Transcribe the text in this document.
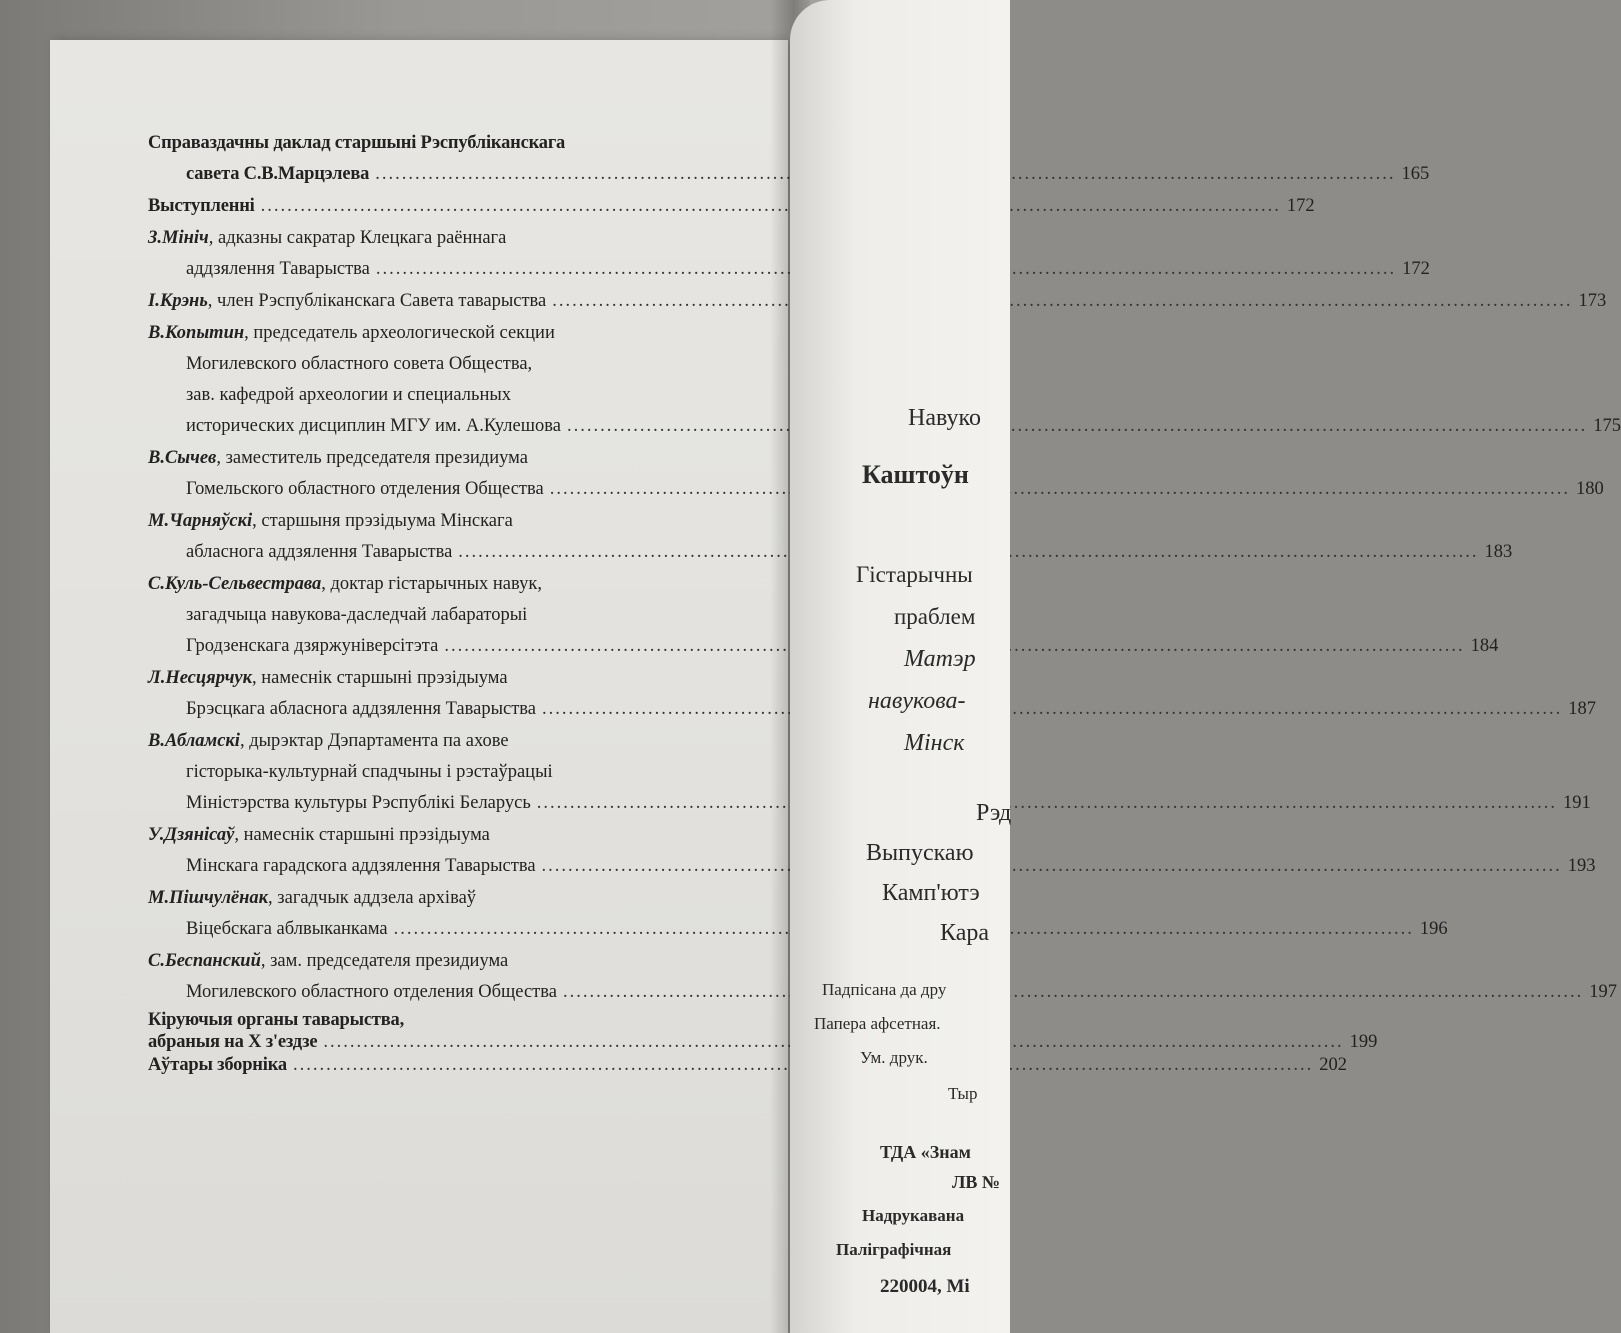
Справаздачны даклад старшыні Рэспубліканскага
савета С.В.Марцэлева .....	165
Выступленні .....	172
З.Мініч, адказны сакратар Клецкага раённага
аддзялення Таварыства .....	172
І.Крэнь, член Рэспубліканскага Савета таварыства .....	173
В.Копытин, председатель археологической секции
Могилевского областного совета Общества,
зав. кафедрой археологии и специальных
исторических дисциплин МГУ им. А.Кулешова .....	175
В.Сычев, заместитель председателя президиума
Гомельского областного отделения Общества .....	180
М.Чарняўскі, старшыня прэзідыума Мінскага
абласнога аддзялення Таварыства .....	183
С.Куль-Сельвестрава, доктар гістарычных навук,
загадчыца навукова-даследчай лабараторыі
Гродзенскага дзяржуніверсітэта .....	184
Л.Несцярчук, намеснік старшыні прэзідыума
Брэсцкага абласнога аддзялення Таварыства .....	187
В.Абламскі, дырэктар Дэпартамента па ахове
гісторыка-культурнай спадчыны і рэстаўрацыі
Міністэрства культуры Рэспублікі Беларусь .....	191
У.Дзянісаў, намеснік старшыні прэзідыума
Мінскага гарадскога аддзялення Таварыства .....	193
М.Пішчулёнак, загадчык аддзела архіваў
Віцебскага аблвыканкама .....	196
С.Беспанский, зам. председателя президиума
Могилевского областного отделения Общества .....	197
Кіруючыя органы таварыства,
абраныя на Х з'ездзе .....	199
Аўтары зборніка .....	202
Навуко
Каштоўн
Гістарычны
праблем
Матэр
навукова-
Мінск
Рэд
Выпускаю
Камп'ютэ
Кара
Падпісана да дру
Папера афсетная.
Ум. друк.
Тыр
ТДА «Знам
ЛВ №
Надрукавана
Паліграфічная
220004, Мі
